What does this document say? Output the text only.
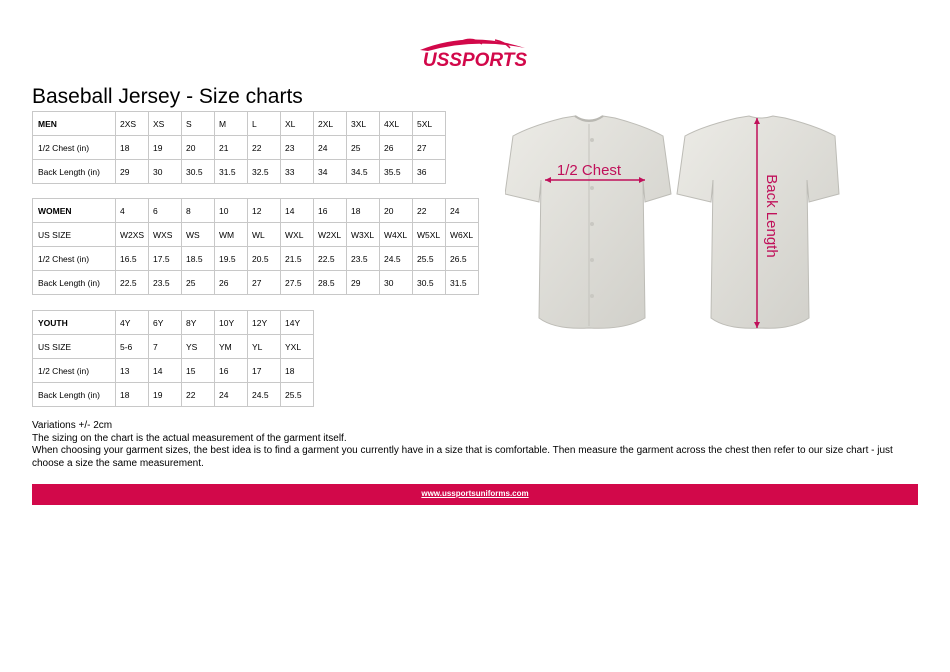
USSPORTS
Baseball Jersey - Size charts
MEN	2XS	XS	S	M	L	XL	2XL	3XL	4XL	5XL
1/2 Chest (in)	18	19	20	21	22	23	24	25	26	27
Back Length (in)	29	30	30.5	31.5	32.5	33	34	34.5	35.5	36
WOMEN	4	6	8	10	12	14	16	18	20	22	24
US SIZE	W2XS	WXS	WS	WM	WL	WXL	W2XL	W3XL	W4XL	W5XL	W6XL
1/2 Chest (in)	16.5	17.5	18.5	19.5	20.5	21.5	22.5	23.5	24.5	25.5	26.5
Back Length (in)	22.5	23.5	25	26	27	27.5	28.5	29	30	30.5	31.5
YOUTH	4Y	6Y	8Y	10Y	12Y	14Y
US SIZE	5-6	7	YS	YM	YL	YXL
1/2 Chest (in)	13	14	15	16	17	18
Back Length (in)	18	19	22	24	24.5	25.5
1/2 Chest
Back Length

Variations +/- 2cm

The sizing on the chart is the actual measurement of the garment itself.

When choosing your garment sizes, the best idea is to find a garment you currently have in a size that is comfortable. Then measure the garment across the chest then refer to our size chart - just choose a size the same measurement.

www.ussportsuniforms.com
